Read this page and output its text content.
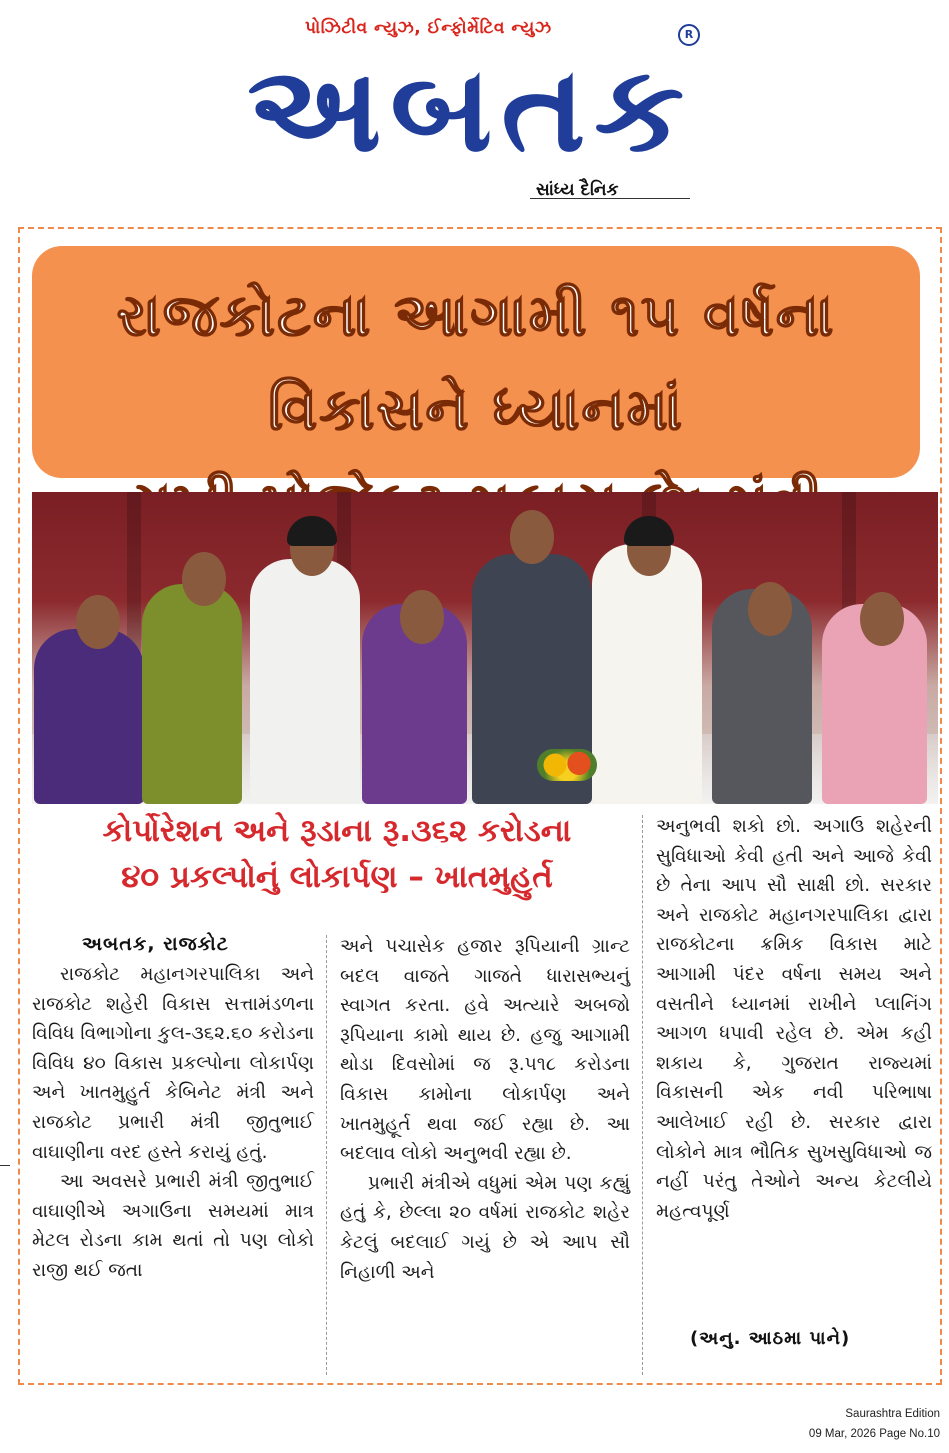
પોઝિટીવ ન્યુઝ, ઈન્ફોર્મેટિવ ન્યુઝ
અબતક
R
સાંધ્ય દૈનિક
રાજકોટના આગામી ૧૫ વર્ષના વિકાસને ધ્યાનમાં
કોર્પોરેશન અને રૂડાના રૂ.૩૬૨ કરોડના
૪૦ પ્રકલ્પોનું લોકાર્પણ – ખાતમુહુર્ત
અબતક, રાજકોટ

રાજકોટ મહાનગરપાલિકા અને રાજકોટ શહેરી વિકાસ સત્તામંડળના વિવિધ વિભાગોના કુલ-૩૬૨.૬૦ કરોડના વિવિધ ૪૦ વિકાસ પ્રકલ્પોના લોકાર્પણ અને ખાતમુહુર્ત કેબિનેટ મંત્રી અને રાજકોટ પ્રભારી મંત્રી જીતુભાઈ વાઘાણીના વરદ હસ્તે કરાયું હતું.

આ અવસરે પ્રભારી મંત્રી જીતુભાઈ વાઘાણીએ અગાઉના સમયમાં માત્ર મેટલ રોડના કામ થતાં તો પણ લોકો રાજી થઈ જતા

અને પચાસેક હજાર રૂપિયાની ગ્રાન્ટ બદલ વાજતે ગાજતે ધારાસભ્યનું સ્વાગત કરતા. હવે અત્યારે અબજો રૂપિયાના કામો થાય છે. હજુ આગામી થોડા દિવસોમાં જ રૂ.૫૧૮ કરોડના વિકાસ કામોના લોકાર્પણ અને ખાતમુહૂર્ત થવા જઈ રહ્યા છે. આ બદલાવ લોકો અનુભવી રહ્યા છે.

પ્રભારી મંત્રીએ વધુમાં એમ પણ કહ્યું હતું કે, છેલ્લા ૨૦ વર્ષમાં રાજકોટ શહેર કેટલું બદલાઈ ગયું છે એ આપ સૌ નિહાળી અને

અનુભવી શકો છો. અગાઉ શહેરની સુવિધાઓ કેવી હતી અને આજે કેવી છે તેના આપ સૌ સાક્ષી છો. સરકાર અને રાજકોટ મહાનગરપાલિકા દ્વારા રાજકોટના ક્રમિક વિકાસ માટે આગામી પંદર વર્ષના સમય અને વસતીને ધ્યાનમાં રાખીને પ્લાનિંગ આગળ ધપાવી રહેલ છે. એમ કહી શકાય કે, ગુજરાત રાજ્યમાં વિકાસની એક નવી પરિભાષા આલેખાઈ રહી છે. સરકાર દ્વારા લોકોને માત્ર ભૌતિક સુખસુવિધાઓ જ નહીં પરંતુ તેઓને અન્ય કેટલીયે મહત્વપૂર્ણ

(અનુ. આઠમા પાને)
Saurashtra Edition
09 Mar, 2026 Page No.10
